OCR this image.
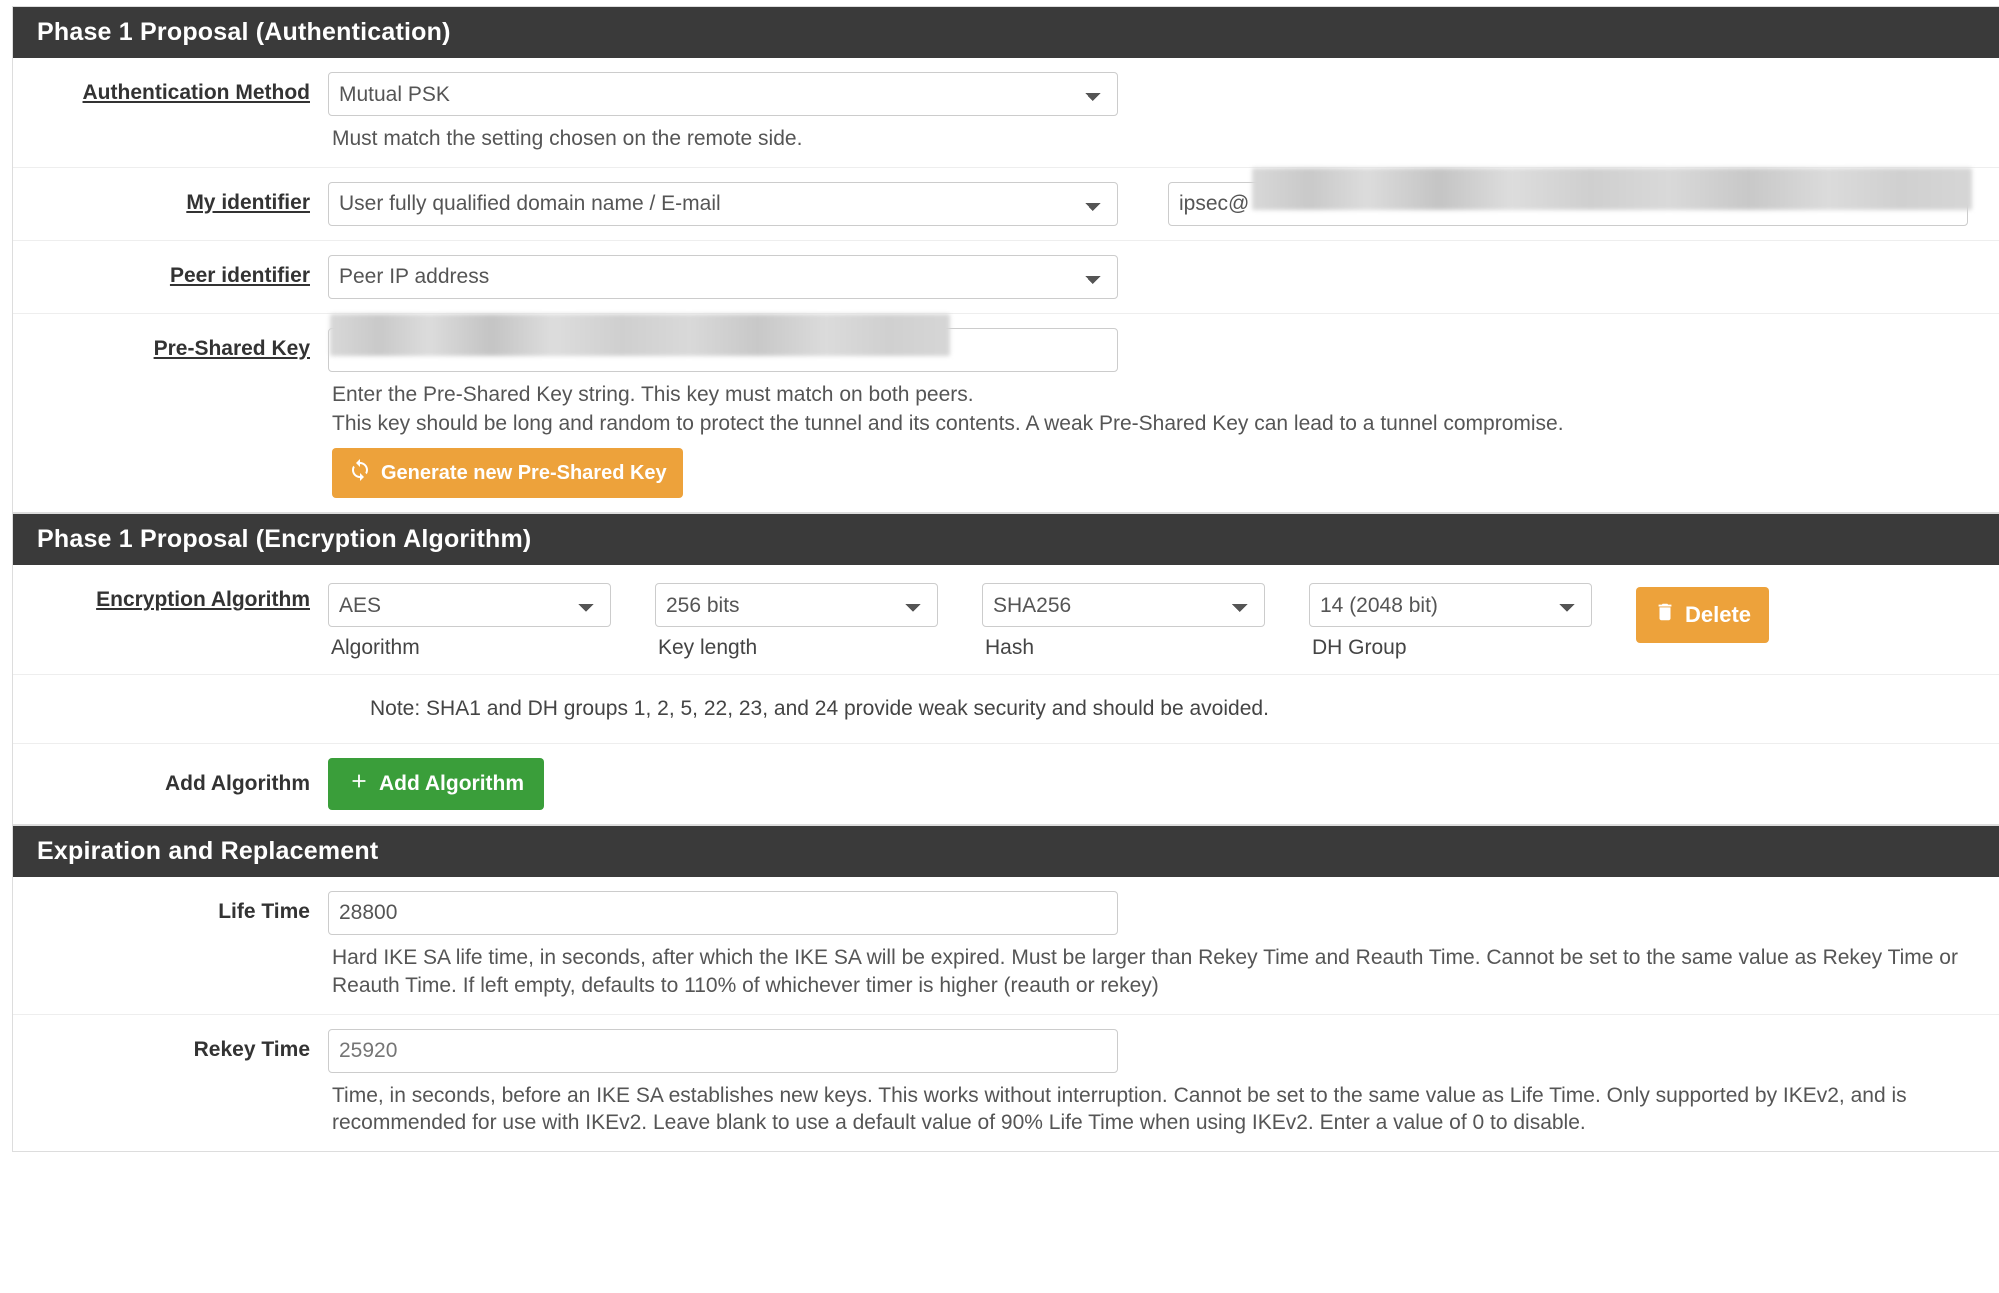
Phase 1 Proposal (Authentication)
Authentication Method
Mutual PSK
Must match the setting chosen on the remote side.
My identifier
User fully qualified domain name / E-mail
ipsec@
Peer identifier
Peer IP address
Pre-Shared Key
Enter the Pre-Shared Key string. This key must match on both peers.
This key should be long and random to protect the tunnel and its contents. A weak Pre-Shared Key can lead to a tunnel compromise.
Generate new Pre-Shared Key
Phase 1 Proposal (Encryption Algorithm)
Encryption Algorithm
AES
Algorithm
256 bits	Key length
SHA256	Hash
14 (2048 bit)	DH Group
Delete
Note: SHA1 and DH groups 1, 2, 5, 22, 23, and 24 provide weak security and should be avoided.
Add Algorithm	Add Algorithm
Expiration and Replacement
Life Time
28800
Hard IKE SA life time, in seconds, after which the IKE SA will be expired. Must be larger than Rekey Time and Reauth Time. Cannot be set to the same value as Rekey Time or Reauth Time. If left empty, defaults to 110% of whichever timer is higher (reauth or rekey)
Rekey Time
25920
Time, in seconds, before an IKE SA establishes new keys. This works without interruption. Cannot be set to the same value as Life Time. Only supported by IKEv2, and is recommended for use with IKEv2. Leave blank to use a default value of 90% Life Time when using IKEv2. Enter a value of 0 to disable.
